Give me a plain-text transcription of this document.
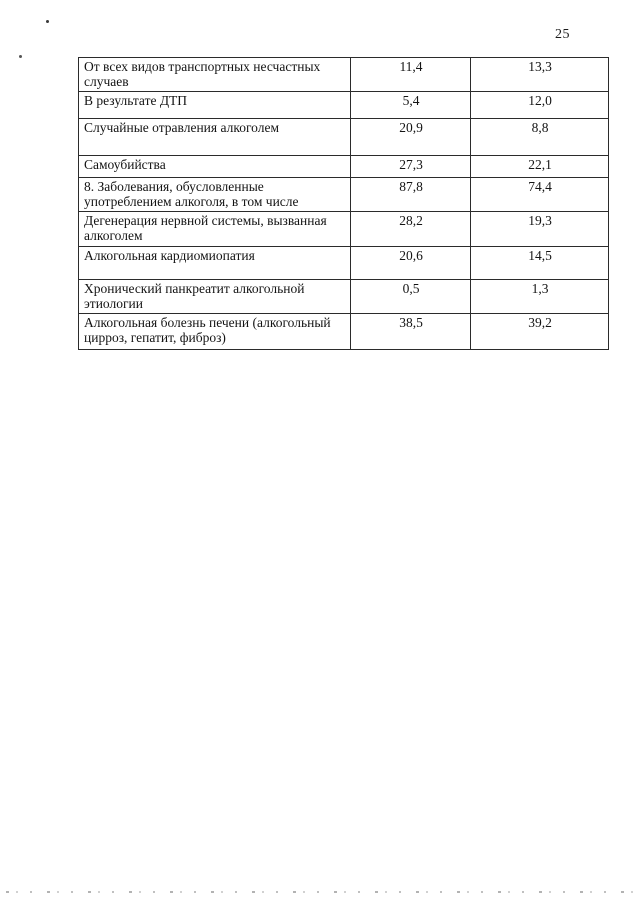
25
От всех видов транспортных несчастных случаев	11,4	13,3
В результате ДТП	5,4	12,0
Случайные отравления алкоголем	20,9	8,8
Самоубийства	27,3	22,1
8. Заболевания, обусловленные употреблением алкоголя, в том числе	87,8	74,4
Дегенерация нервной системы, вызванная алкоголем	28,2	19,3
Алкогольная кардиомиопатия	20,6	14,5
Хронический панкреатит алкогольной этиологии	0,5	1,3
Алкогольная болезнь печени (алкогольный цирроз, гепатит, фиброз)	38,5	39,2
